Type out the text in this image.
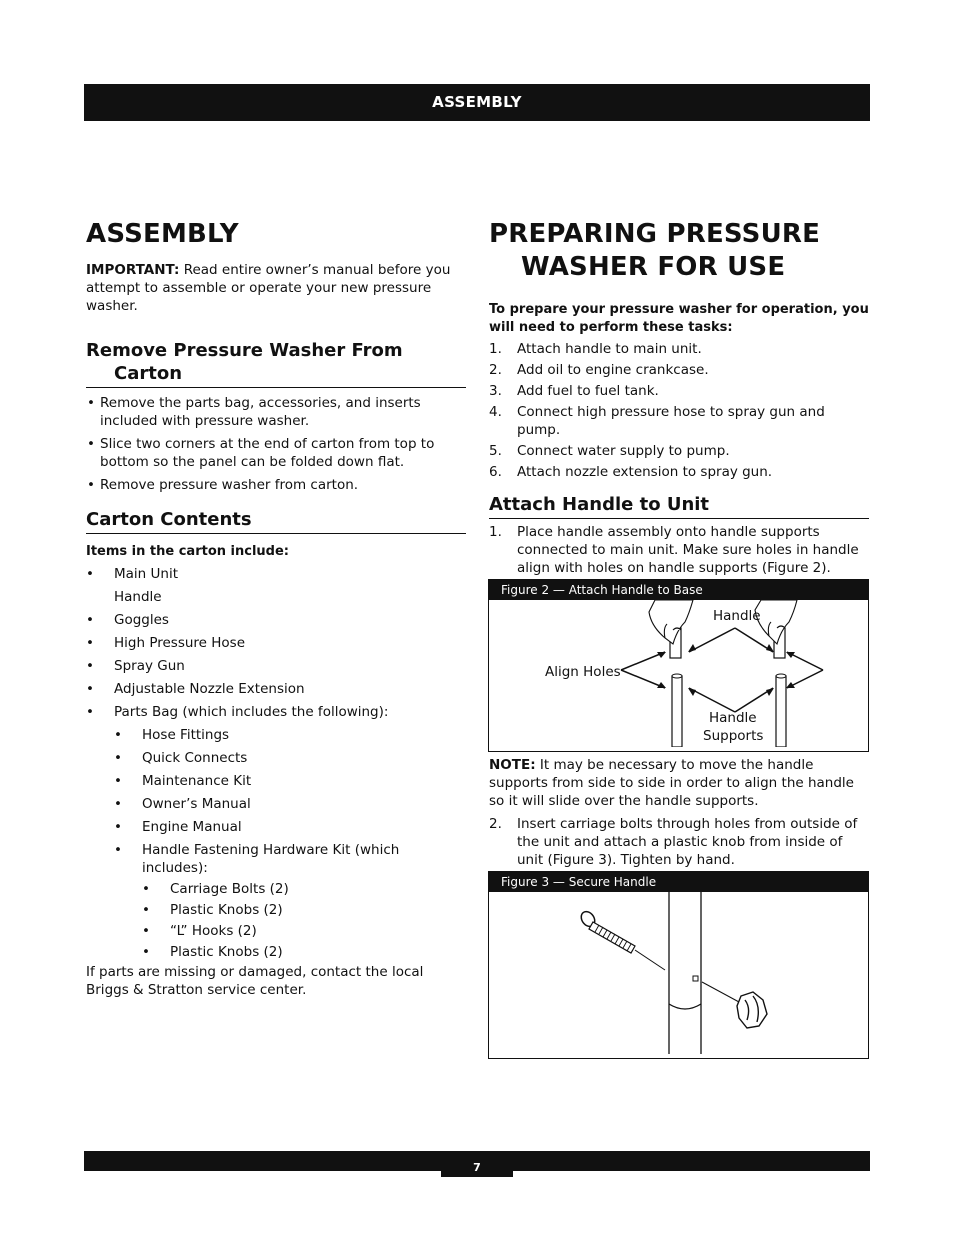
ASSEMBLY
ASSEMBLY

IMPORTANT: Read entire owner’s manual before you attempt to assemble or operate your new pressure washer.

Remove Pressure Washer From Carton
• Remove the parts bag, accessories, and inserts included with pressure washer.
• Slice two corners at the end of carton from top to bottom so the panel can be folded down flat.
• Remove pressure washer from carton.
Carton Contents

Items in the carton include:

• Main Unit
Handle
• Goggles
• High Pressure Hose
• Spray Gun
• Adjustable Nozzle Extension
• Parts Bag (which includes the following):
• Hose Fittings
• Quick Connects
• Maintenance Kit
• Owner’s Manual
• Engine Manual
• Handle Fastening Hardware Kit (which includes):
• Carriage Bolts (2)
• Plastic Knobs (2)
• “L” Hooks (2)
• Plastic Knobs (2)

If parts are missing or damaged, contact the local Briggs & Stratton service center.

PREPARING PRESSURE WASHER FOR USE

To prepare your pressure washer for operation, you will need to perform these tasks:

1. Attach handle to main unit.
2. Add oil to engine crankcase.
3. Add fuel to fuel tank.
4. Connect high pressure hose to spray gun and pump.
5. Connect water supply to pump.
6. Attach nozzle extension to spray gun.
Attach Handle to Unit
1. Place handle assembly onto handle supports connected to main unit. Make sure holes in handle align with holes on handle supports (Figure 2).
Figure 2 — Attach Handle to Base
Handle
Align Holes
Handle
Supports

NOTE: It may be necessary to move the handle supports from side to side in order to align the handle so it will slide over the handle supports.

2. Insert carriage bolts through holes from outside of the unit and attach a plastic knob from inside of unit (Figure 3). Tighten by hand.
Figure 3 — Secure Handle
7
